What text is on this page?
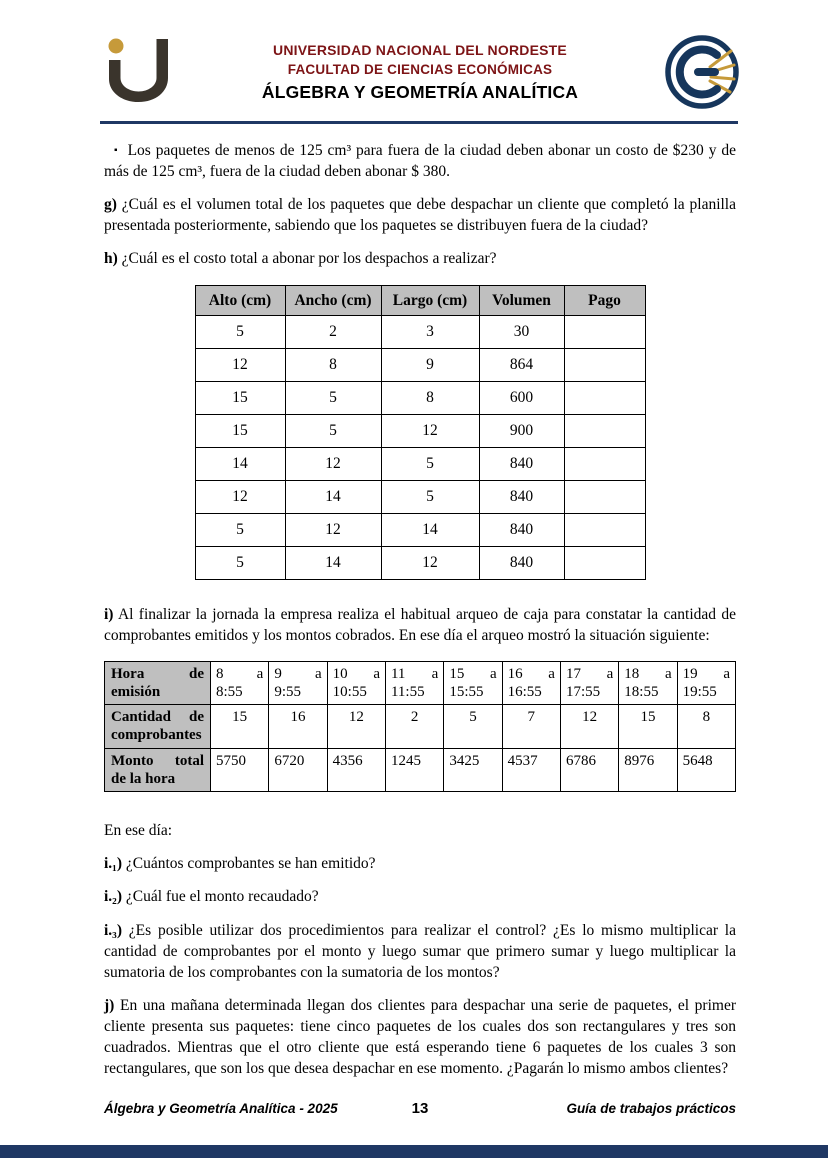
UNIVERSIDAD NACIONAL DEL NORDESTE
FACULTAD DE CIENCIAS ECONÓMICAS
ÁLGEBRA Y GEOMETRÍA ANALÍTICA

▪ Los paquetes de menos de 125 cm³ para fuera de la ciudad deben abonar un costo de $230 y de más de 125 cm³, fuera de la ciudad deben abonar $ 380.

g) ¿Cuál es el volumen total de los paquetes que debe despachar un cliente que completó la planilla presentada posteriormente, sabiendo que los paquetes se distribuyen fuera de la ciudad?

h) ¿Cuál es el costo total a abonar por los despachos a realizar?

Alto (cm)	Ancho (cm)	Largo (cm)	Volumen	Pago
5	2	3	30	
12	8	9	864	
15	5	8	600	
15	5	12	900	
14	12	5	840	
12	14	5	840	
5	12	14	840	
5	14	12	840	

i) Al finalizar la jornada la empresa realiza el habitual arqueo de caja para constatar la cantidad de comprobantes emitidos y los montos cobrados. En ese día el arqueo mostró la situación siguiente:

Hora de emisión	8 a 8:55	9 a 9:55	10 a 10:55	11 a 11:55	15 a 15:55	16 a 16:55	17 a 17:55	18 a 18:55	19 a 19:55
Cantidad de comprobantes	15	16	12	2	5	7	12	15	8
Monto total de la hora	5750	6720	4356	1245	3425	4537	6786	8976	5648

En ese día:

i.₁) ¿Cuántos comprobantes se han emitido?

i.₂) ¿Cuál fue el monto recaudado?

i.₃) ¿Es posible utilizar dos procedimientos para realizar el control? ¿Es lo mismo multiplicar la cantidad de comprobantes por el monto y luego sumar que primero sumar y luego multiplicar la sumatoria de los comprobantes con la sumatoria de los montos?

j) En una mañana determinada llegan dos clientes para despachar una serie de paquetes, el primer cliente presenta sus paquetes: tiene cinco paquetes de los cuales dos son rectangulares y tres son cuadrados. Mientras que el otro cliente que está esperando tiene 6 paquetes de los cuales 3 son rectangulares, que son los que desea despachar en ese momento. ¿Pagarán lo mismo ambos clientes?

Álgebra y Geometría Analítica - 2025	13	Guía de trabajos prácticos
